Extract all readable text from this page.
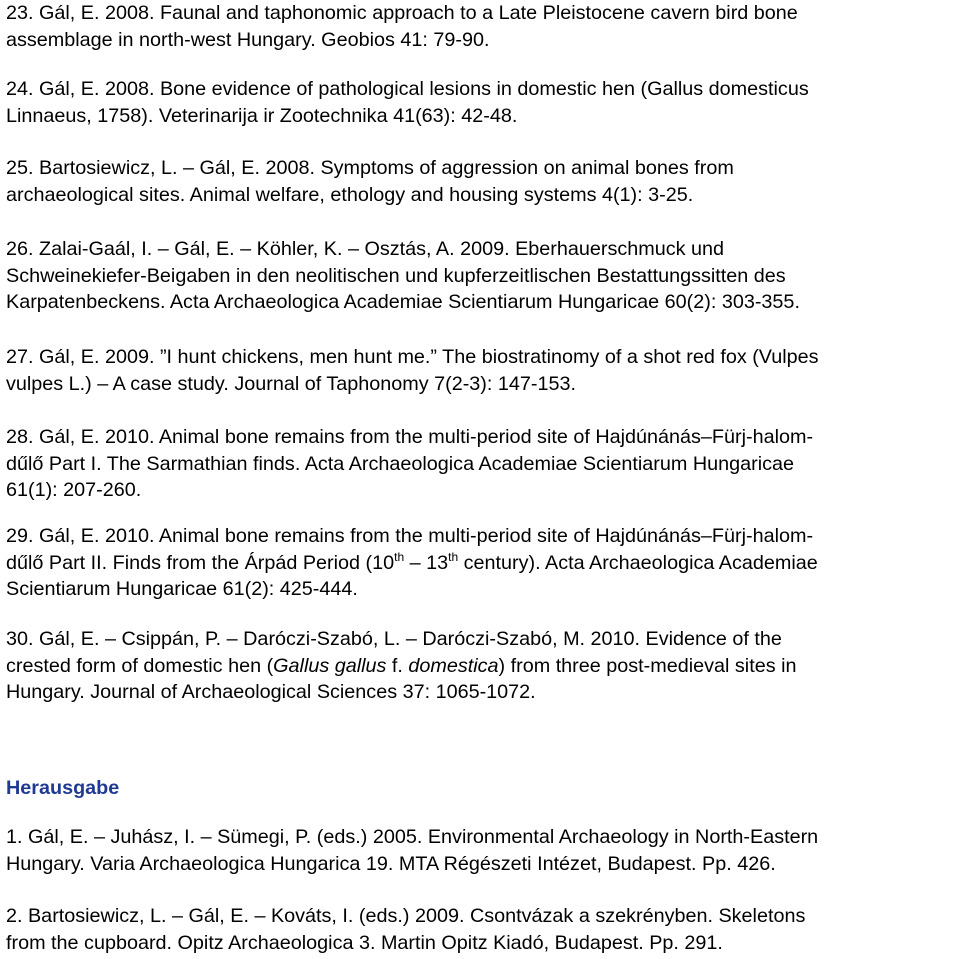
23. Gál, E. 2008. Faunal and taphonomic approach to a Late Pleistocene cavern bird bone
assemblage in north-west Hungary. Geobios 41: 79-90.
24. Gál, E. 2008. Bone evidence of pathological lesions in domestic hen (Gallus domesticus
Linnaeus, 1758). Veterinarija ir Zootechnika 41(63): 42-48.
25. Bartosiewicz, L. – Gál, E. 2008. Symptoms of aggression on animal bones from
archaeological sites. Animal welfare, ethology and housing systems 4(1): 3-25.
26. Zalai-Gaál, I. – Gál, E. – Köhler, K. – Osztás, A. 2009. Eberhauerschmuck und
Schweinekiefer-Beigaben in den neolitischen und kupferzeitlischen Bestattungssitten des
Karpatenbeckens. Acta Archaeologica Academiae Scientiarum Hungaricae 60(2): 303-355.
27. Gál, E. 2009. ”I hunt chickens, men hunt me.” The biostratinomy of a shot red fox (Vulpes
vulpes L.) – A case study. Journal of Taphonomy 7(2-3): 147-153.
28. Gál, E. 2010. Animal bone remains from the multi-period site of Hajdúnánás–Fürj-halom-
dűlő Part I. The Sarmathian finds. Acta Archaeologica Academiae Scientiarum Hungaricae
61(1): 207-260.
29. Gál, E. 2010. Animal bone remains from the multi-period site of Hajdúnánás–Fürj-halom-
dűlő Part II. Finds from the Árpád Period (10th – 13th century). Acta Archaeologica Academiae
Scientiarum Hungaricae 61(2): 425-444.
30. Gál, E. – Csippán, P. – Daróczi-Szabó, L. – Daróczi-Szabó, M. 2010. Evidence of the
crested form of domestic hen (Gallus gallus f. domestica) from three post-medieval sites in
Hungary. Journal of Archaeological Sciences 37: 1065-1072.
Herausgabe
1. Gál, E. – Juhász, I. – Sümegi, P. (eds.) 2005. Environmental Archaeology in North-Eastern
Hungary. Varia Archaeologica Hungarica 19. MTA Régészeti Intézet, Budapest. Pp. 426.
2. Bartosiewicz, L. – Gál, E. – Kováts, I. (eds.) 2009. Csontvázak a szekrényben. Skeletons
from the cupboard. Opitz Archaeologica 3. Martin Opitz Kiadó, Budapest. Pp. 291.
